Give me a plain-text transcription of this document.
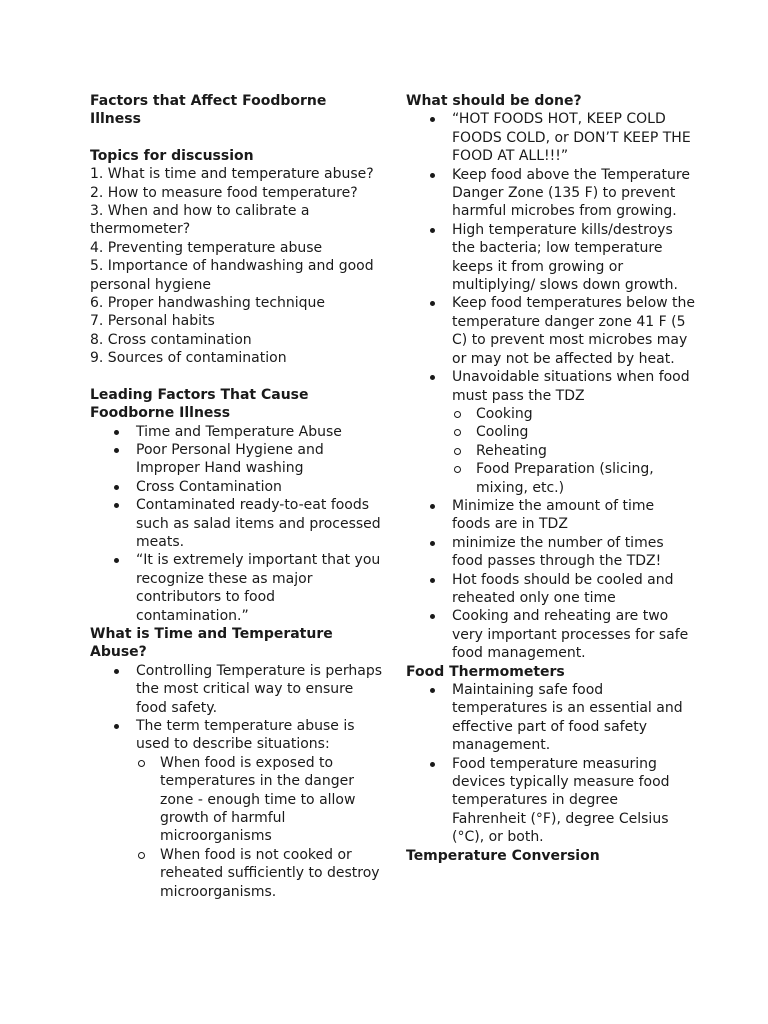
Factors that Affect Foodborne Illness

Topics for discussion

1. What is time and temperature abuse?

2. How to measure food temperature?

3. When and how to calibrate a thermometer?

4. Preventing temperature abuse

5. Importance of handwashing and good personal hygiene

6. Proper handwashing technique

7. Personal habits

8. Cross contamination

9. Sources of contamination

Leading Factors That Cause Foodborne Illness

Time and Temperature Abuse
Poor Personal Hygiene and Improper Hand washing
Cross Contamination
Contaminated ready-to-eat foods such as salad items and processed meats.
“It is extremely important that you recognize these as major contributors to food contamination.”

What is Time and Temperature Abuse?

Controlling Temperature is perhaps the most critical way to ensure food safety.
The term temperature abuse is used to describe situations:
When food is exposed to temperatures in the danger zone - enough time to allow growth of harmful microorganisms
When food is not cooked or reheated sufficiently to destroy microorganisms.

What should be done?

“HOT FOODS HOT, KEEP COLD FOODS COLD, or DON’T KEEP THE FOOD AT ALL!!!”
Keep food above the Temperature Danger Zone (135 F) to prevent harmful microbes from growing.
High temperature kills/destroys the bacteria; low temperature keeps it from growing or multiplying/ slows down growth.
Keep food temperatures below the temperature danger zone 41 F (5 C) to prevent most microbes may or may not be affected by heat.
Unavoidable situations when food must pass the TDZ
Cooking
Cooling
Reheating
Food Preparation (slicing, mixing, etc.)
Minimize the amount of time foods are in TDZ
minimize the number of times food passes through the TDZ!
Hot foods should be cooled and reheated only one time
Cooking and reheating are two very important processes for safe food management.

Food Thermometers

Maintaining safe food temperatures is an essential and effective part of food safety management.
Food temperature measuring devices typically measure food temperatures in degree Fahrenheit (°F), degree Celsius (°C), or both.

Temperature Conversion
